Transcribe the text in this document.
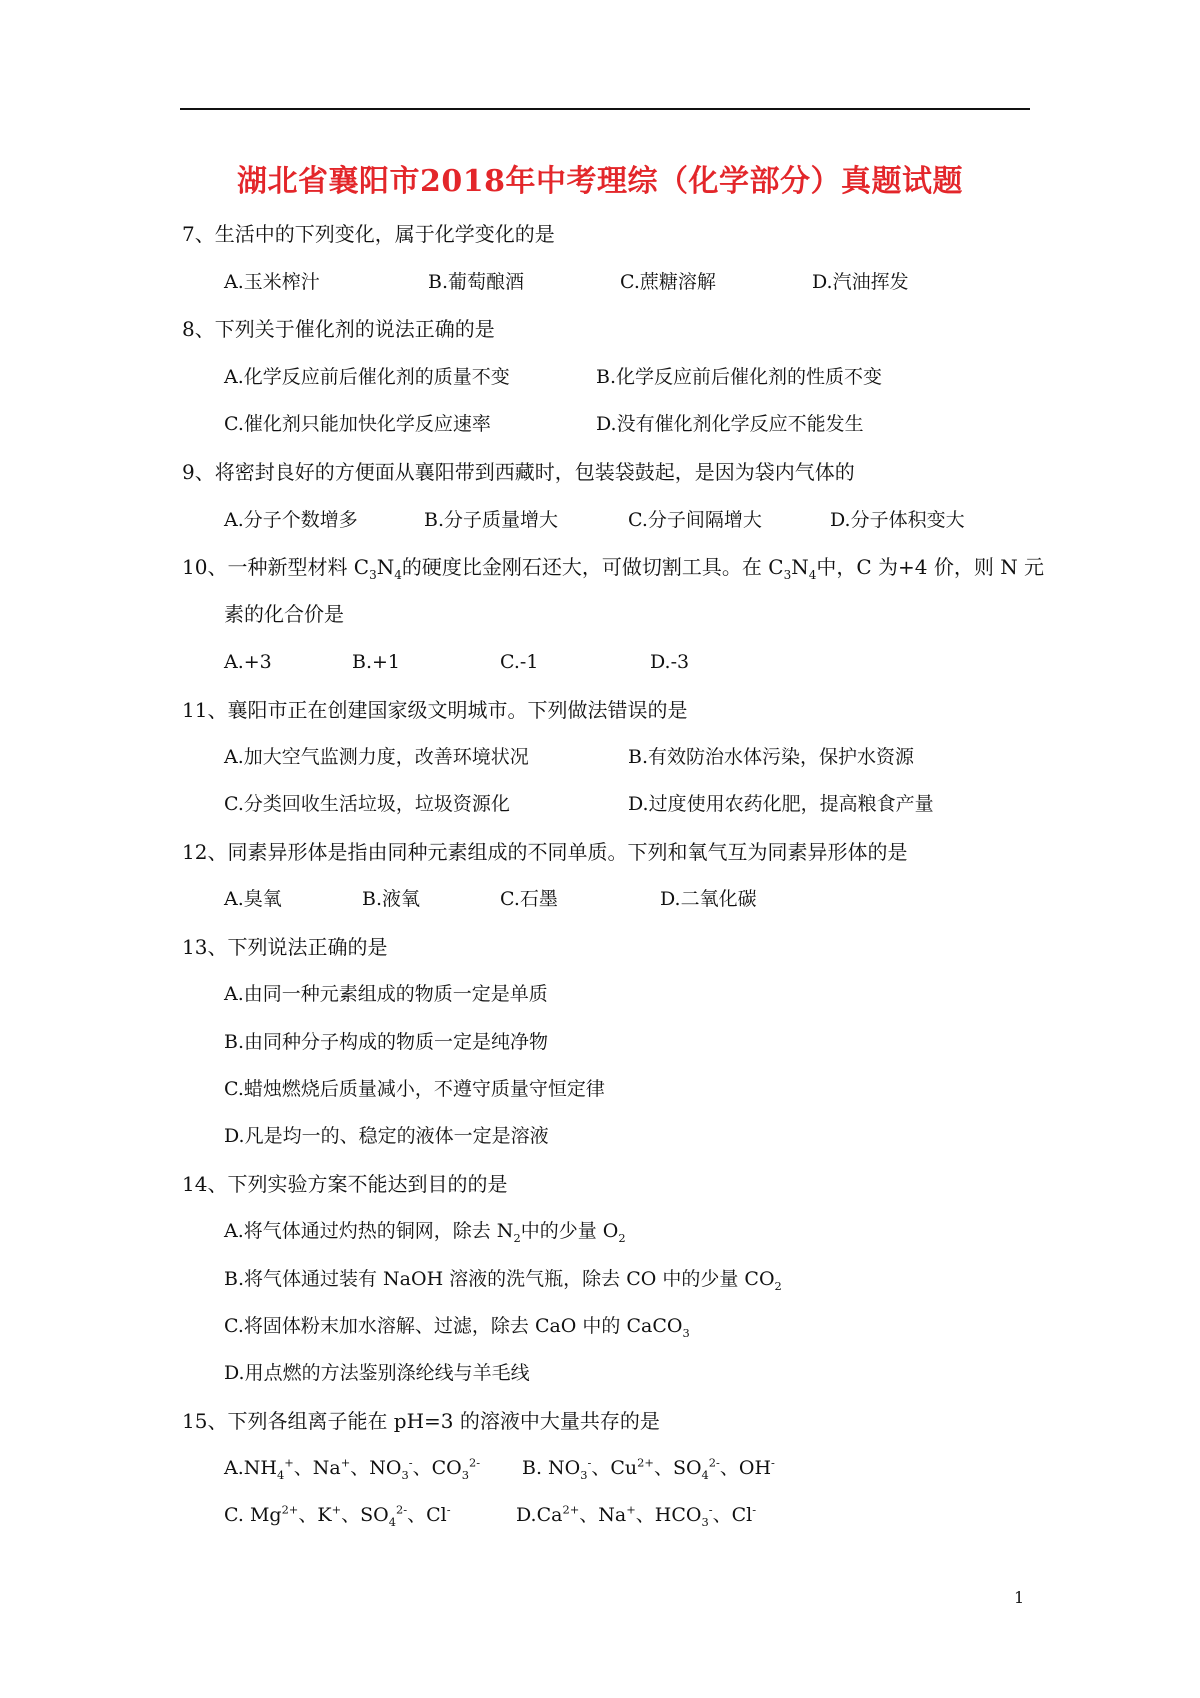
湖北省襄阳市2018年中考理综（化学部分）真题试题
7、生活中的下列变化，属于化学变化的是
A.玉米榨汁	B.葡萄酿酒	C.蔗糖溶解	D.汽油挥发
8、下列关于催化剂的说法正确的是
A.化学反应前后催化剂的质量不变	B.化学反应前后催化剂的性质不变
C.催化剂只能加快化学反应速率	D.没有催化剂化学反应不能发生
9、将密封良好的方便面从襄阳带到西藏时，包装袋鼓起，是因为袋内气体的
A.分子个数增多	B.分子质量增大	C.分子间隔增大	D.分子体积变大
10、一种新型材料 $C_3N_4$的硬度比金刚石还大，可做切割工具。在 $C_3N_4$中，C 为+4 价，则 N 元
素的化合价是
A.+3	B.+1	C.-1	D.-3
11、襄阳市正在创建国家级文明城市。下列做法错误的是
A.加大空气监测力度，改善环境状况	B.有效防治水体污染，保护水资源
C.分类回收生活垃圾，垃圾资源化	D.过度使用农药化肥，提高粮食产量
12、同素异形体是指由同种元素组成的不同单质。下列和氧气互为同素异形体的是
A.臭氧	B.液氧	C.石墨	D.二氧化碳
13、下列说法正确的是
A.由同一种元素组成的物质一定是单质
B.由同种分子构成的物质一定是纯净物
C.蜡烛燃烧后质量减小，不遵守质量守恒定律
D.凡是均一的、稳定的液体一定是溶液
14、下列实验方案不能达到目的的是
A.将气体通过灼热的铜网，除去 $N_2$中的少量 $O_2$
B.将气体通过装有 NaOH 溶液的洗气瓶，除去 CO 中的少量 $CO_2$
C.将固体粉末加水溶解、过滤，除去 CaO 中的 CaCO$_3$
D.用点燃的方法鉴别涤纶线与羊毛线
15、下列各组离子能在 pH=3 的溶液中大量共存的是
$A.NH_4^+$、Na+、$NO_3^-$、$CO_3^{2-}$ B. $NO_3^-$、$Cu^{2+}$、$SO_4^{2-}$、OH-
C. $Mg^{2+}$、K+、$SO_4^{2-}$、Cl-	$D.Ca^{2+}$、Na+、$HCO_3^-$、Cl-
1
